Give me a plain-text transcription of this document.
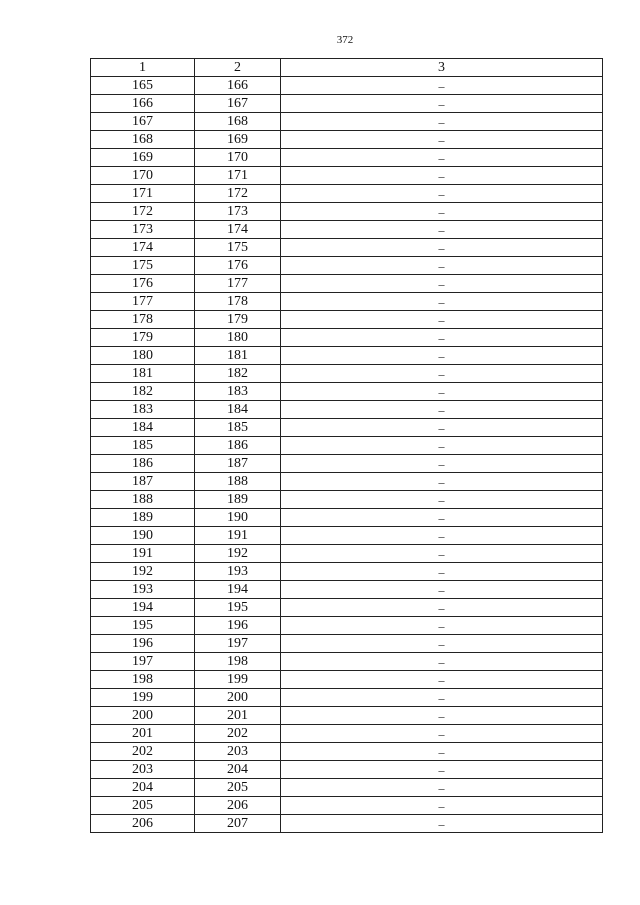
372
1	2	3
165	166	–
166	167	–
167	168	–
168	169	–
169	170	–
170	171	–
171	172	–
172	173	–
173	174	–
174	175	–
175	176	–
176	177	–
177	178	–
178	179	–
179	180	–
180	181	–
181	182	–
182	183	–
183	184	–
184	185	–
185	186	–
186	187	–
187	188	–
188	189	–
189	190	–
190	191	–
191	192	–
192	193	–
193	194	–
194	195	–
195	196	–
196	197	–
197	198	–
198	199	–
199	200	–
200	201	–
201	202	–
202	203	–
203	204	–
204	205	–
205	206	–
206	207	–
